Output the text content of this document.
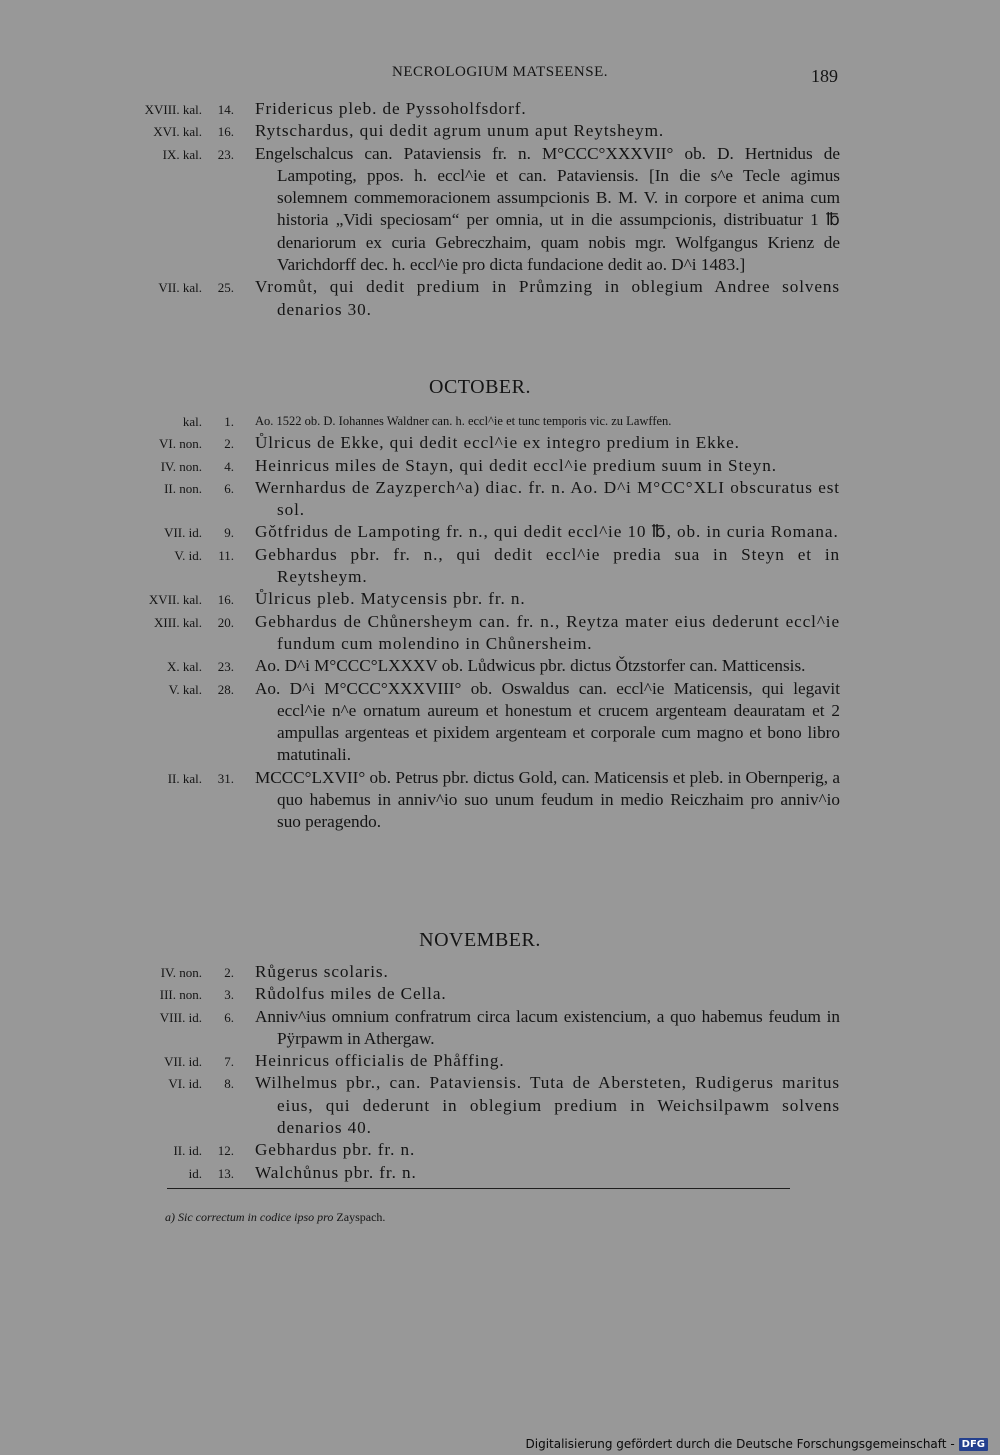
NECROLOGIUM MATSEENSE.	189
XVIII. kal.	14. Fridericus pleb. de Pyssoholfsdorf.
XVI. kal.	16. Rytschardus, qui dedit agrum unum aput Reytsheym.
IX. kal.	23. Engelschalcus can. Pataviensis fr. n. M°CCC°XXXVII° ob. D. Hertnidus de Lampoting, ppos. h. eccl^ie et can. Pataviensis. [In die s^e Tecle agimus solemnem commemoracionem assumpcionis B. M. V. in corpore et anima cum historia „Vidi speciosam“ per omnia, ut in die assumpcionis, distribuatur 1 ℔ denariorum ex curia Gebreczhaim, quam nobis mgr. Wolfgangus Krienz de Varichdorff dec. h. eccl^ie pro dicta fundacione dedit ao. D^i 1483.]
VII. kal.	25. Vromůt, qui dedit predium in Průmzing in oblegium Andree solvens denarios 30.
OCTOBER.
kal.	1. Ao. 1522 ob. D. Iohannes Waldner can. h. eccl^ie et tunc temporis vic. zu Lawffen.
VI. non.	2. Ůlricus de Ekke, qui dedit eccl^ie ex integro predium in Ekke.
IV. non.	4. Heinricus miles de Stayn, qui dedit eccl^ie predium suum in Steyn.
II. non.	6. Wernhardus de Zayzperch^a) diac. fr. n. Ao. D^i M°CC°XLI obscuratus est sol.
VII. id.	9. Gǒtfridus de Lampoting fr. n., qui dedit eccl^ie 10 ℔, ob. in curia Romana.
V. id.	11. Gebhardus pbr. fr. n., qui dedit eccl^ie predia sua in Steyn et in Reytsheym.
XVII. kal.	16. Ůlricus pleb. Matycensis pbr. fr. n.
XIII. kal.	20. Gebhardus de Chůnersheym can. fr. n., Reytza mater eius dederunt eccl^ie fundum cum molendino in Chůnersheim.
X. kal.	23. Ao. D^i M°CCC°LXXXV ob. Lůdwicus pbr. dictus Ǒtzstorfer can. Matticensis.
V. kal.	28. Ao. D^i M°CCC°XXXVIII° ob. Oswaldus can. eccl^ie Maticensis, qui legavit eccl^ie n^e ornatum aureum et honestum et crucem argenteam deauratam et 2 ampullas argenteas et pixidem argenteam et corporale cum magno et bono libro matutinali.
II. kal.	31. MCCC°LXVII° ob. Petrus pbr. dictus Gold, can. Maticensis et pleb. in Obernperig, a quo habemus in anniv^io suo unum feudum in medio Reiczhaim pro anniv^io suo peragendo.
NOVEMBER.
IV. non.	2. Růgerus scolaris.
III. non.	3. Růdolfus miles de Cella.
VIII. id.	6. Anniv^ius omnium confratrum circa lacum existencium, a quo habemus feudum in Pÿrpawm in Athergaw.
VII. id.	7. Heinricus officialis de Phåffing.
VI. id.	8. Wilhelmus pbr., can. Pataviensis. Tuta de Abersteten, Rudigerus maritus eius, qui dederunt in oblegium predium in Weichsilpawm solvens denarios 40.
II. id.	12. Gebhardus pbr. fr. n.
id.	13. Walchůnus pbr. fr. n.
a) Sic correctum in codice ipso pro Zayspach.
Digitalisierung gefördert durch die Deutsche Forschungsgemeinschaft - DFG
